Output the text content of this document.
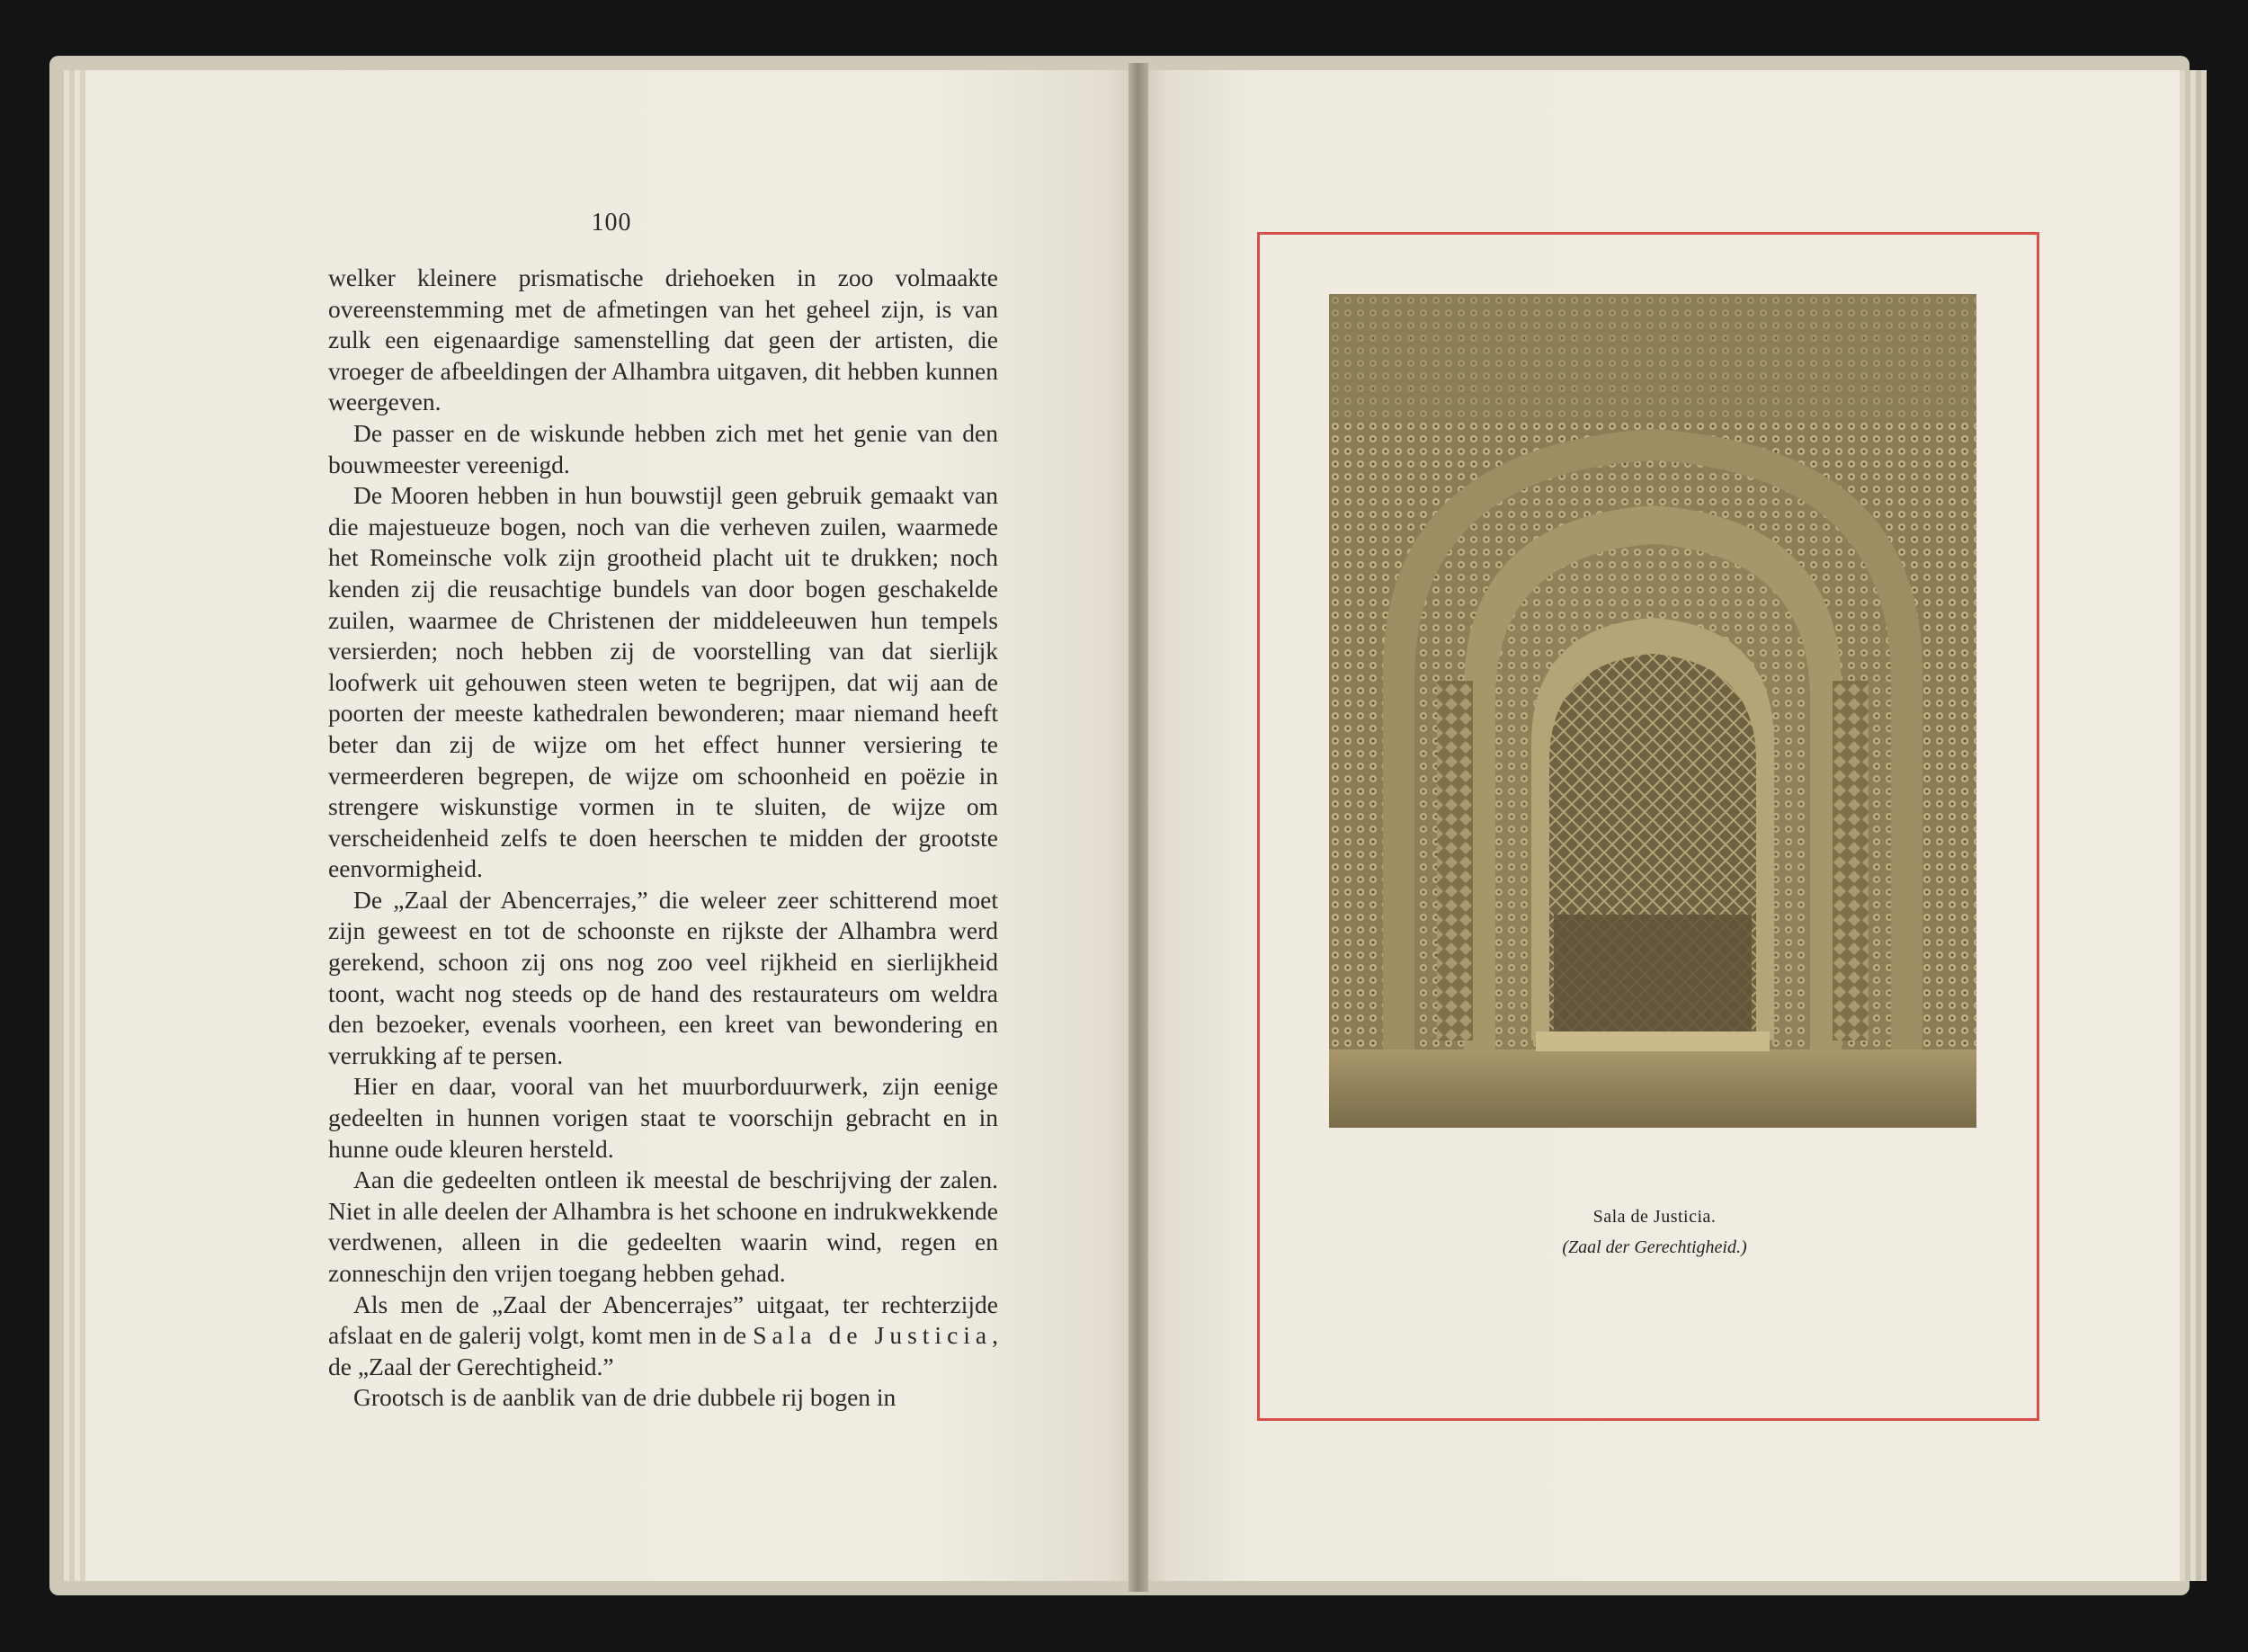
100

welker kleinere prismatische driehoeken in zoo volmaakte overeenstemming met de afmetingen van het geheel zijn, is van zulk een eigenaardige samenstelling dat geen der artisten, die vroeger de afbeeldingen der Alhambra uitgaven, dit hebben kunnen weergeven.

De passer en de wiskunde hebben zich met het genie van den bouwmeester vereenigd.

De Mooren hebben in hun bouwstijl geen gebruik gemaakt van die majestueuze bogen, noch van die verheven zuilen, waarmede het Romeinsche volk zijn grootheid placht uit te drukken; noch kenden zij die reusachtige bundels van door bogen geschakelde zuilen, waarmee de Christenen der middeleeuwen hun tempels versierden; noch hebben zij de voorstelling van dat sierlijk loofwerk uit gehouwen steen weten te begrijpen, dat wij aan de poorten der meeste kathedralen bewonderen; maar niemand heeft beter dan zij de wijze om het effect hunner versiering te vermeerderen begrepen, de wijze om schoonheid en poëzie in strengere wiskunstige vormen in te sluiten, de wijze om verscheidenheid zelfs te doen heerschen te midden der grootste eenvormigheid.

De „Zaal der Abencerrajes,” die weleer zeer schitterend moet zijn geweest en tot de schoonste en rijkste der Alhambra werd gerekend, schoon zij ons nog zoo veel rijkheid en sierlijkheid toont, wacht nog steeds op de hand des restaurateurs om weldra den bezoeker, evenals voorheen, een kreet van bewondering en verrukking af te persen.

Hier en daar, vooral van het muurborduurwerk, zijn eenige gedeelten in hunnen vorigen staat te voorschijn gebracht en in hunne oude kleuren hersteld.

Aan die gedeelten ontleen ik meestal de beschrijving der zalen. Niet in alle deelen der Alhambra is het schoone en indrukwekkende verdwenen, alleen in die gedeelten waarin wind, regen en zonneschijn den vrijen toegang hebben gehad.

Als men de „Zaal der Abencerrajes” uitgaat, ter rechterzijde afslaat en de galerij volgt, komt men in de Sala de Justicia, de „Zaal der Gerechtigheid.”

Grootsch is de aanblik van de drie dubbele rij bogen in

Sala de Justicia.
(Zaal der Gerechtigheid.)
